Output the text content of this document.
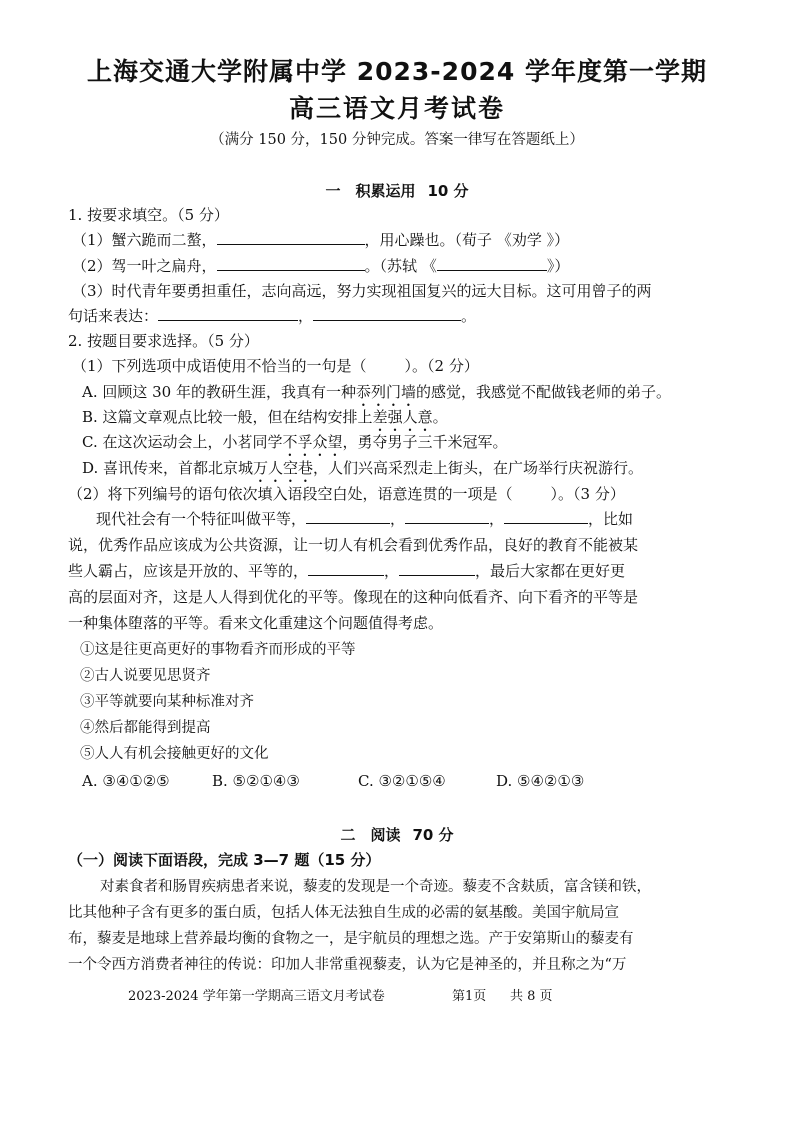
上海交通大学附属中学 2023-2024 学年度第一学期
高三语文月考试卷
（满分 150 分，150 分钟完成。答案一律写在答题纸上）
一　积累运用 10 分
1. 按要求填空。（5 分）
（1）蟹六跪而二螯，	，用心躁也。（荀子 《劝学 》）
（2）驾一叶之扁舟，	。（苏轼 《	》）
（3）时代青年要勇担重任，志向高远，努力实现祖国复兴的远大目标。这可用曾子的两
句话来表达：	，	。
2. 按题目要求选择。（5 分）
（1）下列选项中成语使用不恰当的一句是（	）。（2 分）
A. 回顾这 30 年的教研生涯，我真有一种忝列门墙的感觉，我感觉不配做钱老师的弟子。
B. 这篇文章观点比较一般，但在结构安排上差强人意。
C. 在这次运动会上，小茗同学不孚众望，勇夺男子三千米冠军。
D. 喜讯传来，首都北京城万人空巷，人们兴高采烈走上街头，在广场举行庆祝游行。
（2）将下列编号的语句依次填入语段空白处，语意连贯的一项是（	）。（3 分）
现代社会有一个特征叫做平等，	，	，	，比如
说，优秀作品应该成为公共资源，让一切人有机会看到优秀作品，良好的教育不能被某
些人霸占，应该是开放的、平等的，	，	，最后大家都在更好更
高的层面对齐，这是人人得到优化的平等。像现在的这种向低看齐、向下看齐的平等是
一种集体堕落的平等。看来文化重建这个问题值得考虑。
①这是往更高更好的事物看齐而形成的平等
②古人说要见思贤齐
③平等就要向某种标准对齐
④然后都能得到提高
⑤人人有机会接触更好的文化
A. ③④①②⑤	B. ⑤②①④③	C. ③②①⑤④	D. ⑤④②①③
二　阅读 70 分
（一）阅读下面语段，完成 3—7 题（15 分）
对素食者和肠胃疾病患者来说，藜麦的发现是一个奇迹。藜麦不含麸质，富含镁和铁，
比其他种子含有更多的蛋白质，包括人体无法独自生成的必需的氨基酸。美国宇航局宣
布，藜麦是地球上营养最均衡的食物之一，是宇航员的理想之选。产于安第斯山的藜麦有
一个令西方消费者神往的传说：印加人非常重视藜麦，认为它是神圣的，并且称之为“万
2023-2024 学年第一学期高三语文月考试卷	第1页 共 8 页
